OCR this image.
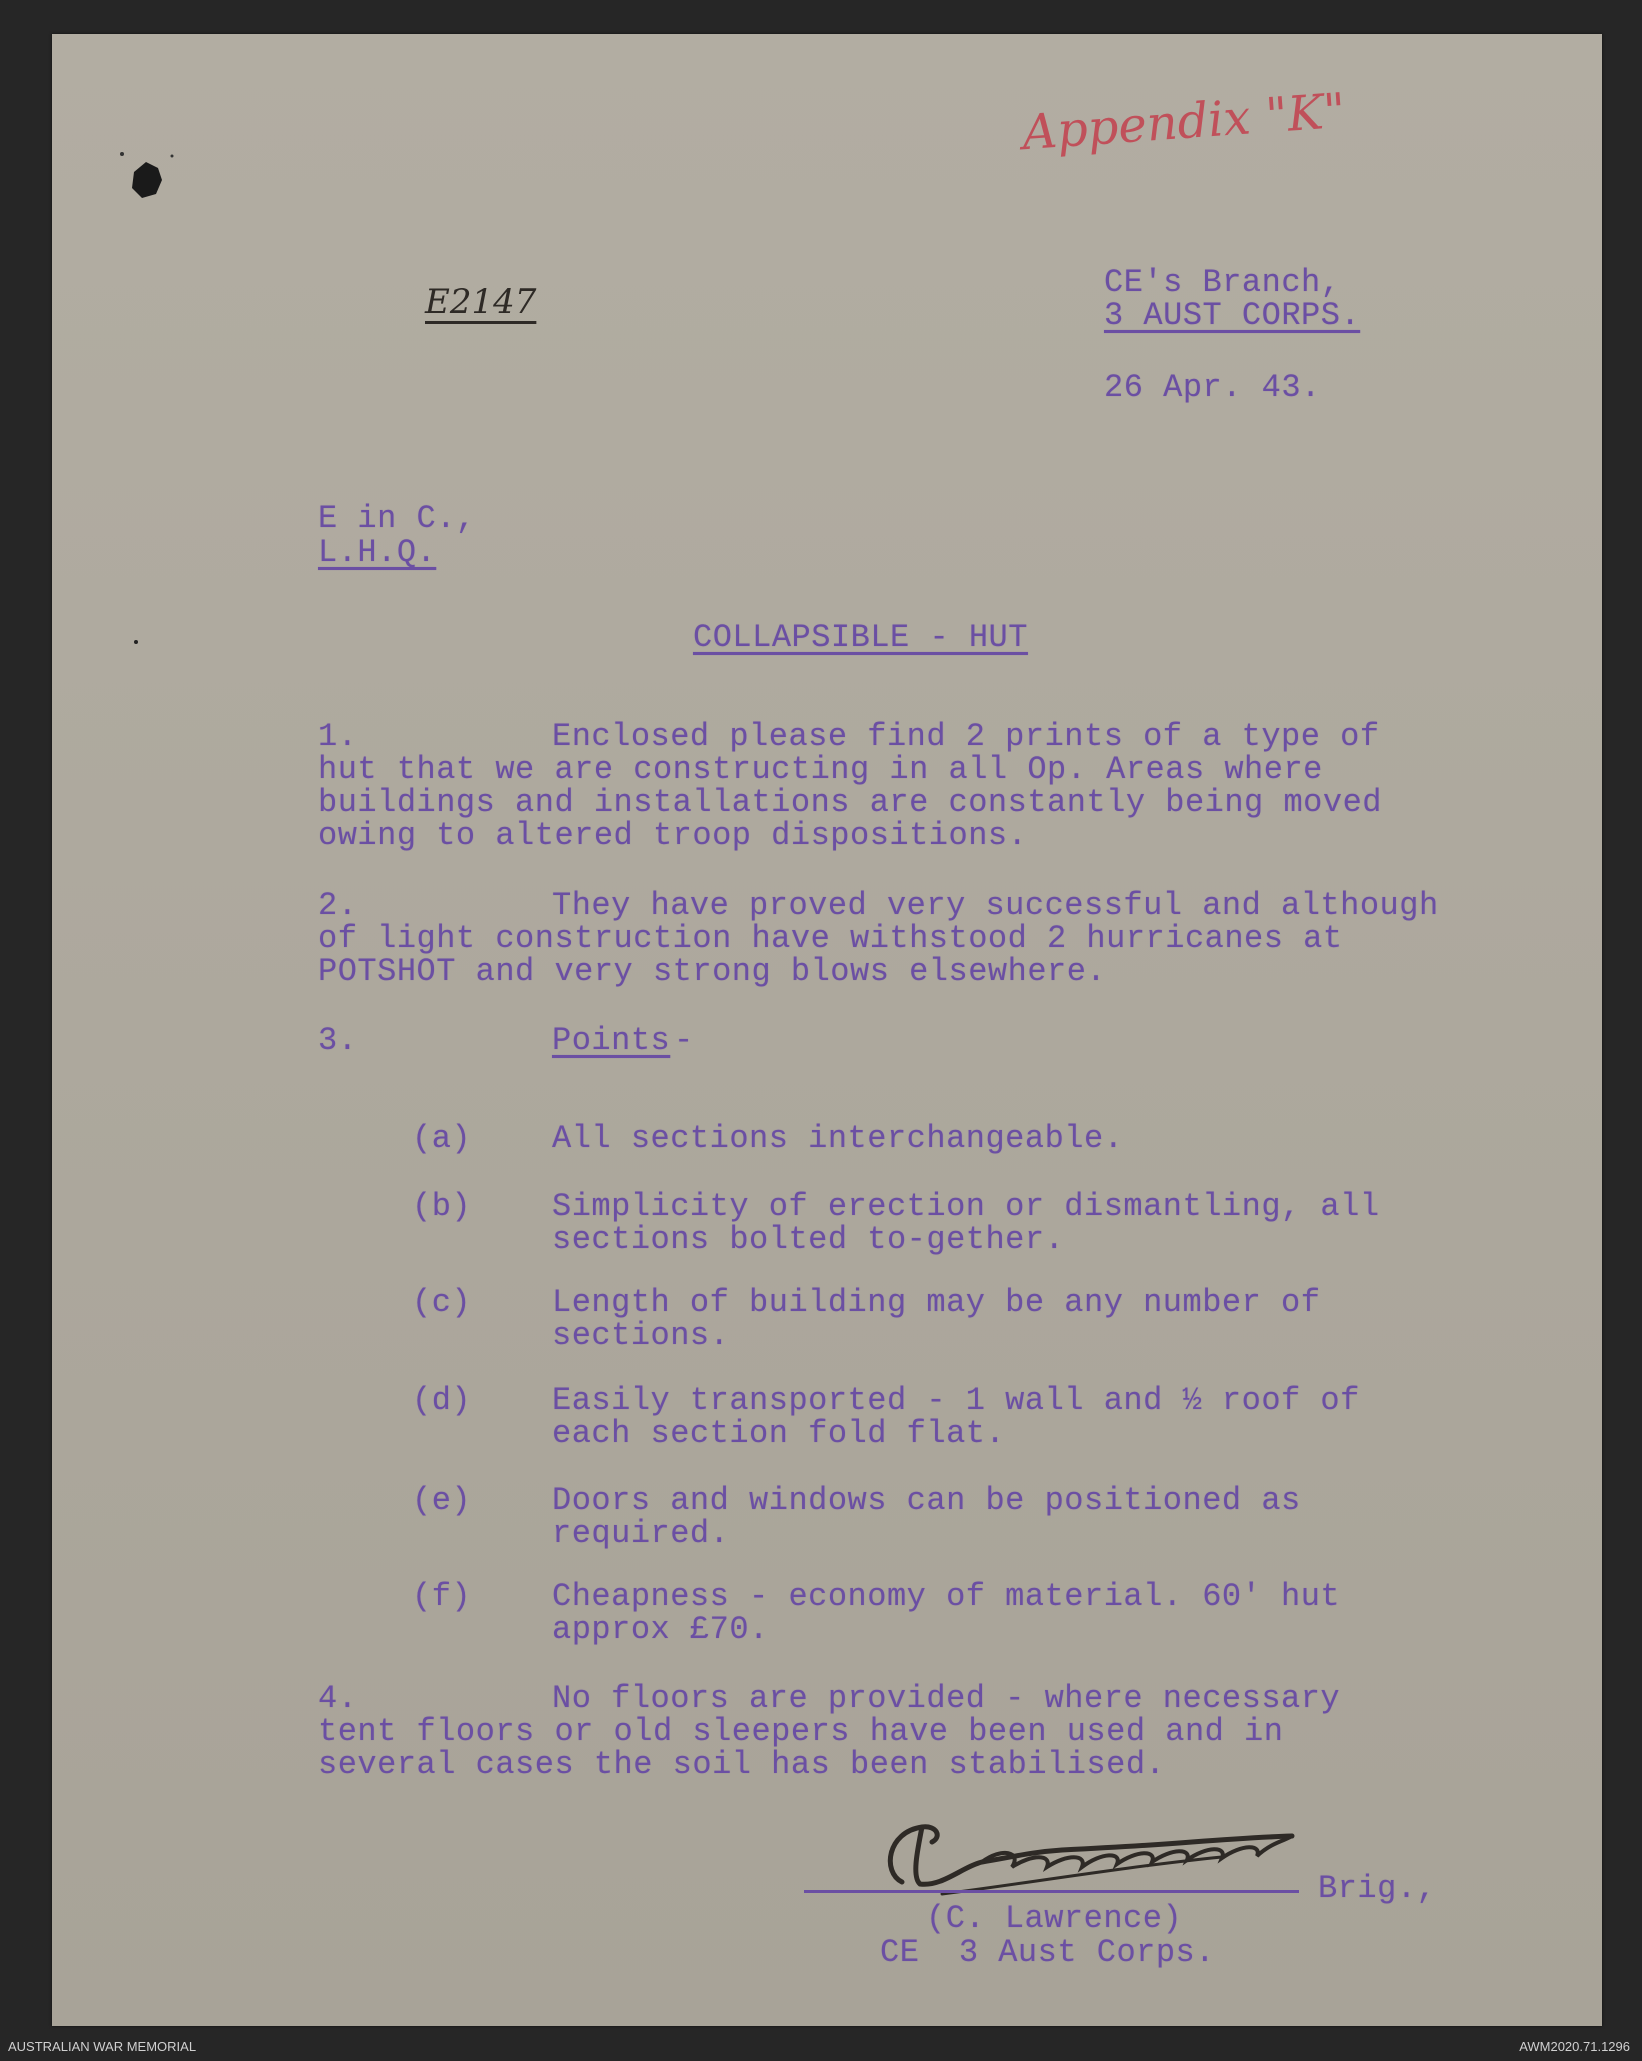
Appendix "K"
E2147	CE's Branch,
3 AUST CORPS.
26 Apr. 43.
E in C.,
L.H.Q.
COLLAPSIBLE - HUT
1.	Enclosed please find 2 prints of a type of
hut that we are constructing in all Op. Areas where
buildings and installations are constantly being moved
owing to altered troop dispositions.
2.	They have proved very successful and although
of light construction have withstood 2 hurricanes at
POTSHOT and very strong blows elsewhere.
3.	Points -
(a)	All sections interchangeable.
(b)	Simplicity of erection or dismantling, all
sections bolted to-gether.
(c)	Length of building may be any number of
sections.
(d)	Easily transported - 1 wall and ½ roof of
each section fold flat.
(e)	Doors and windows can be positioned as
required.
(f)	Cheapness - economy of material. 60' hut
approx £70.
4.	No floors are provided - where necessary
tent floors or old sleepers have been used and in
several cases the soil has been stabilised.
Brig.,
(C. Lawrence)
CE  3 Aust Corps.
AUSTRALIAN WAR MEMORIAL	AWM2020.71.1296
